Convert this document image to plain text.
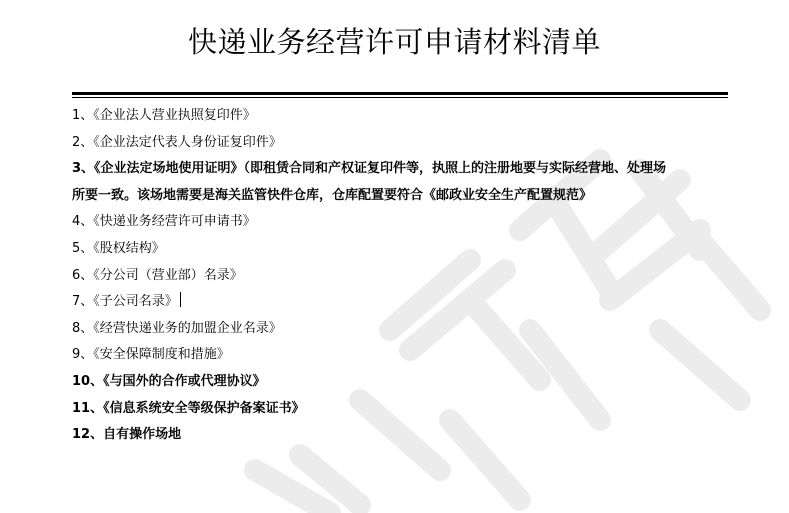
快递业务经营许可申请材料清单
1、《企业法人营业执照复印件》
2、《企业法定代表人身份证复印件》
3、《企业法定场地使用证明》（即租赁合同和产权证复印件等，执照上的注册地要与实际经营地、处理场
所要一致。该场地需要是海关监管快件仓库，仓库配置要符合《邮政业安全生产配置规范》
4、《快递业务经营许可申请书》
5、《股权结构》
6、《分公司（营业部）名录》
7、《子公司名录》
8、《经营快递业务的加盟企业名录》
9、《安全保障制度和措施》
10、《与国外的合作或代理协议》
11、《信息系统安全等级保护备案证书》
12、自有操作场地
